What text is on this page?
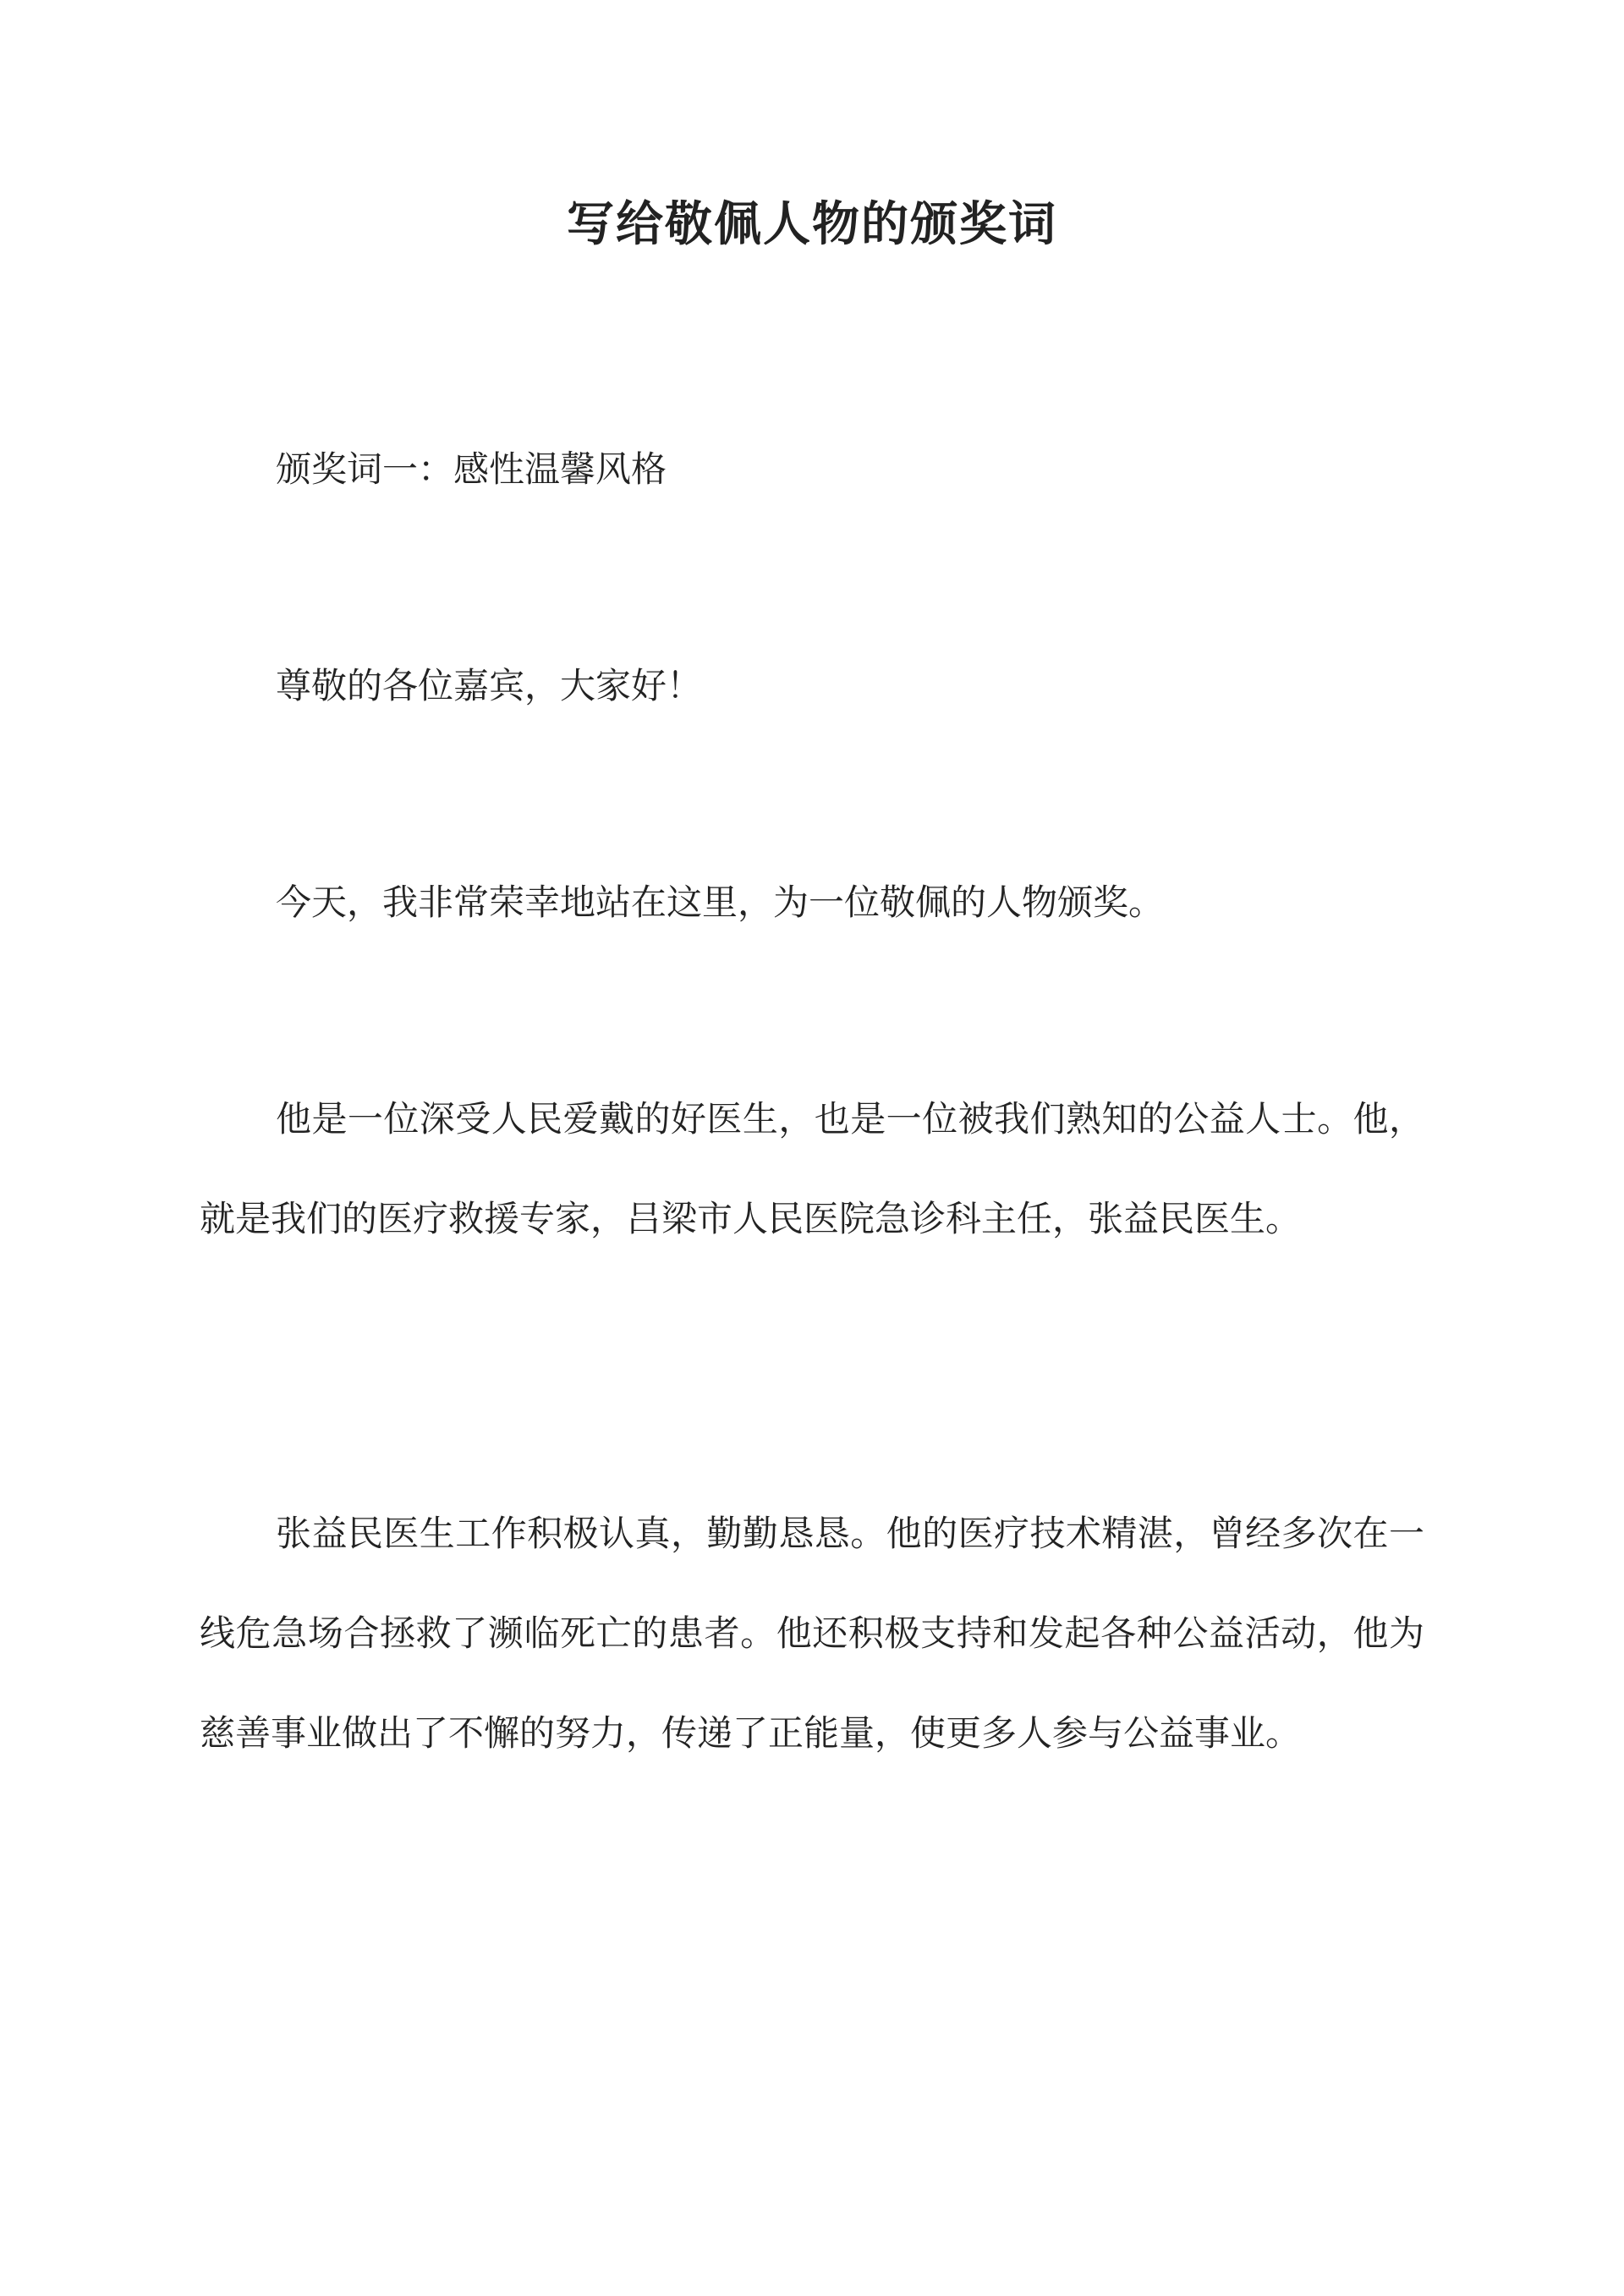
写给敬佩人物的颁奖词

颁奖词一：感性温馨风格

尊敬的各位嘉宾，大家好！

今天，我非常荣幸地站在这里，为一位敬佩的人物颁奖。

他是一位深受人民爱戴的好医生，也是一位被我们熟知的公益人士。他，就是我们的医疗救援专家，吕梁市人民医院急诊科主任，张益民医生。

张益民医生工作积极认真，勤勤恳恳。他的医疗技术精湛，曾经多次在一线危急场合拯救了濒临死亡的患者。他还积极支持和发起各种公益活动，他为慈善事业做出了不懈的努力，传递了正能量，使更多人参与公益事业。
